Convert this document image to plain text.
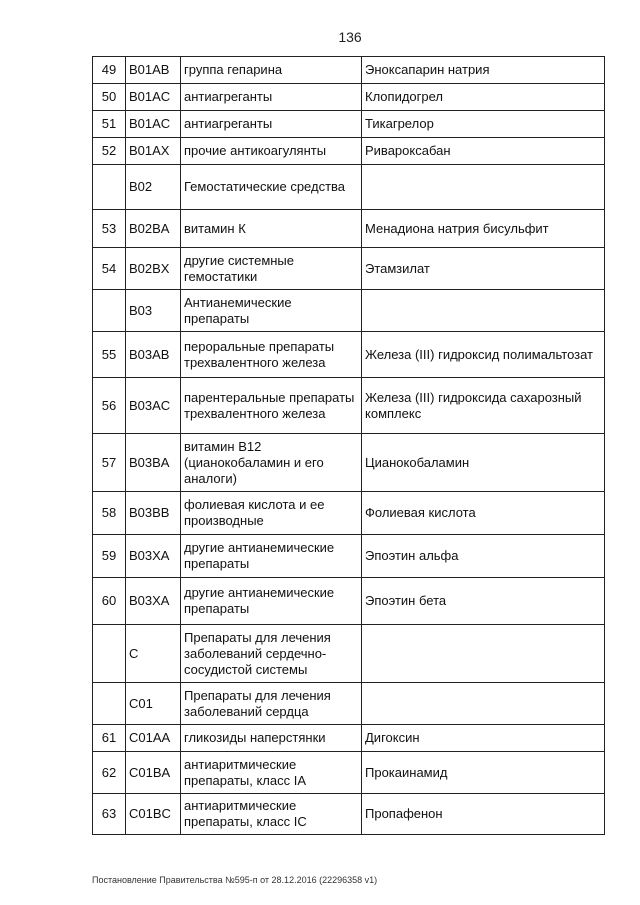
136
49	B01AB	группа гепарина	Эноксапарин натрия
50	B01AC	антиагреганты	Клопидогрел
51	B01AC	антиагреганты	Тикагрелор
52	B01AX	прочие антикоагулянты	Ривароксабан
	B02	Гемостатические средства	
53	B02BA	витамин К	Менадиона натрия бисульфит
54	B02BX	другие системные гемостатики	Этамзилат
	B03	Антианемические препараты	
55	B03AB	пероральные препараты трехвалентного железа	Железа (III) гидроксид полимальтозат
56	B03AC	парентеральные препараты трехвалентного железа	Железа (III) гидроксида сахарозный комплекс
57	B03BA	витамин B12 (цианокобаламин и его аналоги)	Цианокобаламин
58	B03BB	фолиевая кислота и ее производные	Фолиевая кислота
59	B03XA	другие антианемические препараты	Эпоэтин альфа
60	B03XA	другие антианемические препараты	Эпоэтин бета
	C	Препараты для лечения заболеваний сердечно-сосудистой системы	
	C01	Препараты для лечения заболеваний сердца	
61	C01AA	гликозиды наперстянки	Дигоксин
62	C01BA	антиаритмические препараты, класс IA	Прокаинамид
63	C01BC	антиаритмические препараты, класс IC	Пропафенон
Постановление Правительства №595-п от 28.12.2016 (22296358 v1)
